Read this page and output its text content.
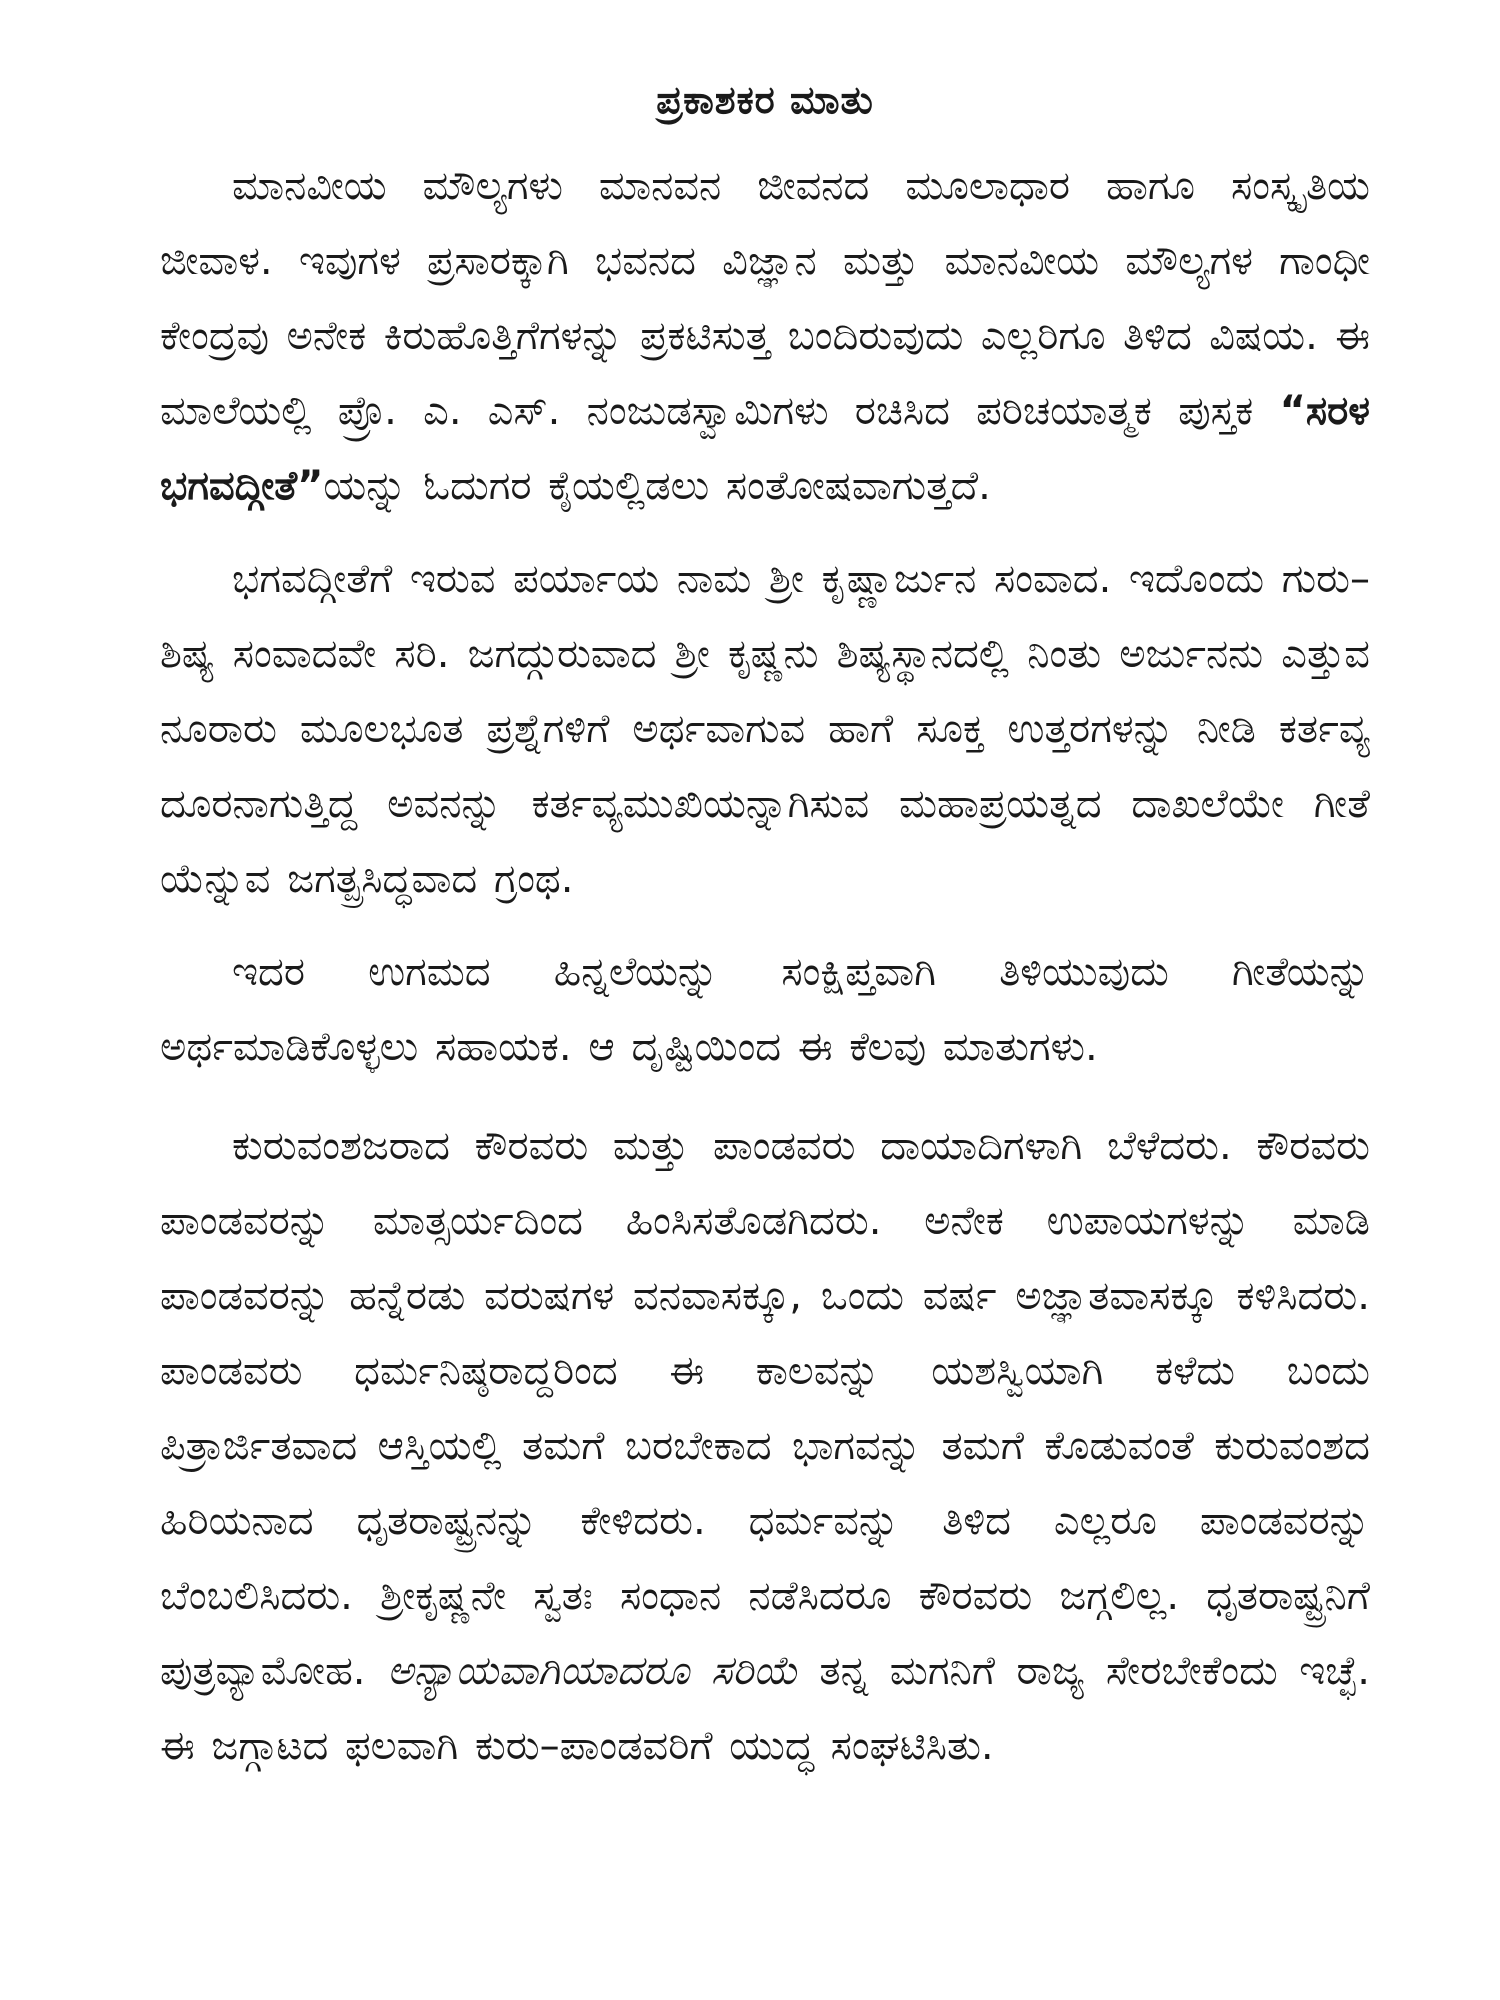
ಪ್ರಕಾಶಕರ ಮಾತು

ಮಾನವೀಯ ಮೌಲ್ಯಗಳು ಮಾನವನ ಜೀವನದ ಮೂಲಾಧಾರ ಹಾಗೂ ಸಂಸ್ಕೃತಿಯ ಜೀವಾಳ. ಇವುಗಳ ಪ್ರಸಾರಕ್ಕಾಗಿ ಭವನದ ವಿಜ್ಞಾನ ಮತ್ತು ಮಾನವೀಯ ಮೌಲ್ಯಗಳ ಗಾಂಧೀ ಕೇಂದ್ರವು ಅನೇಕ ಕಿರುಹೊತ್ತಿಗೆಗಳನ್ನು ಪ್ರಕಟಿಸುತ್ತ ಬಂದಿರುವುದು ಎಲ್ಲರಿಗೂ ತಿಳಿದ ವಿಷಯ. ಈ ಮಾಲೆಯಲ್ಲಿ ಪ್ರೊ. ಎ. ಎಸ್. ನಂಜುಡಸ್ವಾಮಿಗಳು ರಚಿಸಿದ ಪರಿಚಯಾತ್ಮಕ ಪುಸ್ತಕ “ಸರಳ ಭಗವದ್ಗೀತೆ”ಯನ್ನು ಓದುಗರ ಕೈಯಲ್ಲಿಡಲು ಸಂತೋಷವಾಗುತ್ತದೆ.

ಭಗವದ್ಗೀತೆಗೆ ಇರುವ ಪರ್ಯಾಯ ನಾಮ ಶ್ರೀ ಕೃಷ್ಣಾರ್ಜುನ ಸಂವಾದ. ಇದೊಂದು ಗುರು–ಶಿಷ್ಯ ಸಂವಾದವೇ ಸರಿ. ಜಗದ್ಗುರುವಾದ ಶ್ರೀ ಕೃಷ್ಣನು ಶಿಷ್ಯಸ್ಥಾನದಲ್ಲಿ ನಿಂತು ಅರ್ಜುನನು ಎತ್ತುವ ನೂರಾರು ಮೂಲಭೂತ ಪ್ರಶ್ನೆಗಳಿಗೆ ಅರ್ಥವಾಗುವ ಹಾಗೆ ಸೂಕ್ತ ಉತ್ತರಗಳನ್ನು ನೀಡಿ ಕರ್ತವ್ಯ ದೂರನಾಗುತ್ತಿದ್ದ ಅವನನ್ನು ಕರ್ತವ್ಯಮುಖಿಯನ್ನಾಗಿಸುವ ಮಹಾಪ್ರಯತ್ನದ ದಾಖಲೆಯೇ ಗೀತೆ ಯೆನ್ನುವ ಜಗತ್ಪ್ರಸಿದ್ಧವಾದ ಗ್ರಂಥ.

ಇದರ ಉಗಮದ ಹಿನ್ನಲೆಯನ್ನು ಸಂಕ್ಷಿಪ್ತವಾಗಿ ತಿಳಿಯುವುದು ಗೀತೆಯನ್ನು ಅರ್ಥಮಾಡಿಕೊಳ್ಳಲು ಸಹಾಯಕ. ಆ ದೃಷ್ಟಿಯಿಂದ ಈ ಕೆಲವು ಮಾತುಗಳು.

ಕುರುವಂಶಜರಾದ ಕೌರವರು ಮತ್ತು ಪಾಂಡವರು ದಾಯಾದಿಗಳಾಗಿ ಬೆಳೆದರು. ಕೌರವರು ಪಾಂಡವರನ್ನು ಮಾತ್ಸರ್ಯದಿಂದ ಹಿಂಸಿಸತೊಡಗಿದರು. ಅನೇಕ ಉಪಾಯಗಳನ್ನು ಮಾಡಿ ಪಾಂಡವರನ್ನು ಹನ್ನೆರಡು ವರುಷಗಳ ವನವಾಸಕ್ಕೂ, ಒಂದು ವರ್ಷ ಅಜ್ಞಾತವಾಸಕ್ಕೂ ಕಳಿಸಿದರು. ಪಾಂಡವರು ಧರ್ಮನಿಷ್ಠರಾದ್ದರಿಂದ ಈ ಕಾಲವನ್ನು ಯಶಸ್ವಿಯಾಗಿ ಕಳೆದು ಬಂದು ಪಿತ್ರಾರ್ಜಿತವಾದ ಆಸ್ತಿಯಲ್ಲಿ ತಮಗೆ ಬರಬೇಕಾದ ಭಾಗವನ್ನು ತಮಗೆ ಕೊಡುವಂತೆ ಕುರುವಂಶದ ಹಿರಿಯನಾದ ಧೃತರಾಷ್ಟ್ರನನ್ನು ಕೇಳಿದರು. ಧರ್ಮವನ್ನು ತಿಳಿದ ಎಲ್ಲರೂ ಪಾಂಡವರನ್ನು ಬೆಂಬಲಿಸಿದರು. ಶ್ರೀಕೃಷ್ಣನೇ ಸ್ವತಃ ಸಂಧಾನ ನಡೆಸಿದರೂ ಕೌರವರು ಜಗ್ಗಲಿಲ್ಲ. ಧೃತರಾಷ್ಟ್ರನಿಗೆ ಪುತ್ರವ್ಯಾಮೋಹ. ಅನ್ಯಾಯವಾಗಿಯಾದರೂ ಸರಿಯೆ ತನ್ನ ಮಗನಿಗೆ ರಾಜ್ಯ ಸೇರಬೇಕೆಂದು ಇಚ್ಛೆ. ಈ ಜಗ್ಗಾಟದ ಫಲವಾಗಿ ಕುರು–ಪಾಂಡವರಿಗೆ ಯುದ್ಧ ಸಂಘಟಿಸಿತು.
